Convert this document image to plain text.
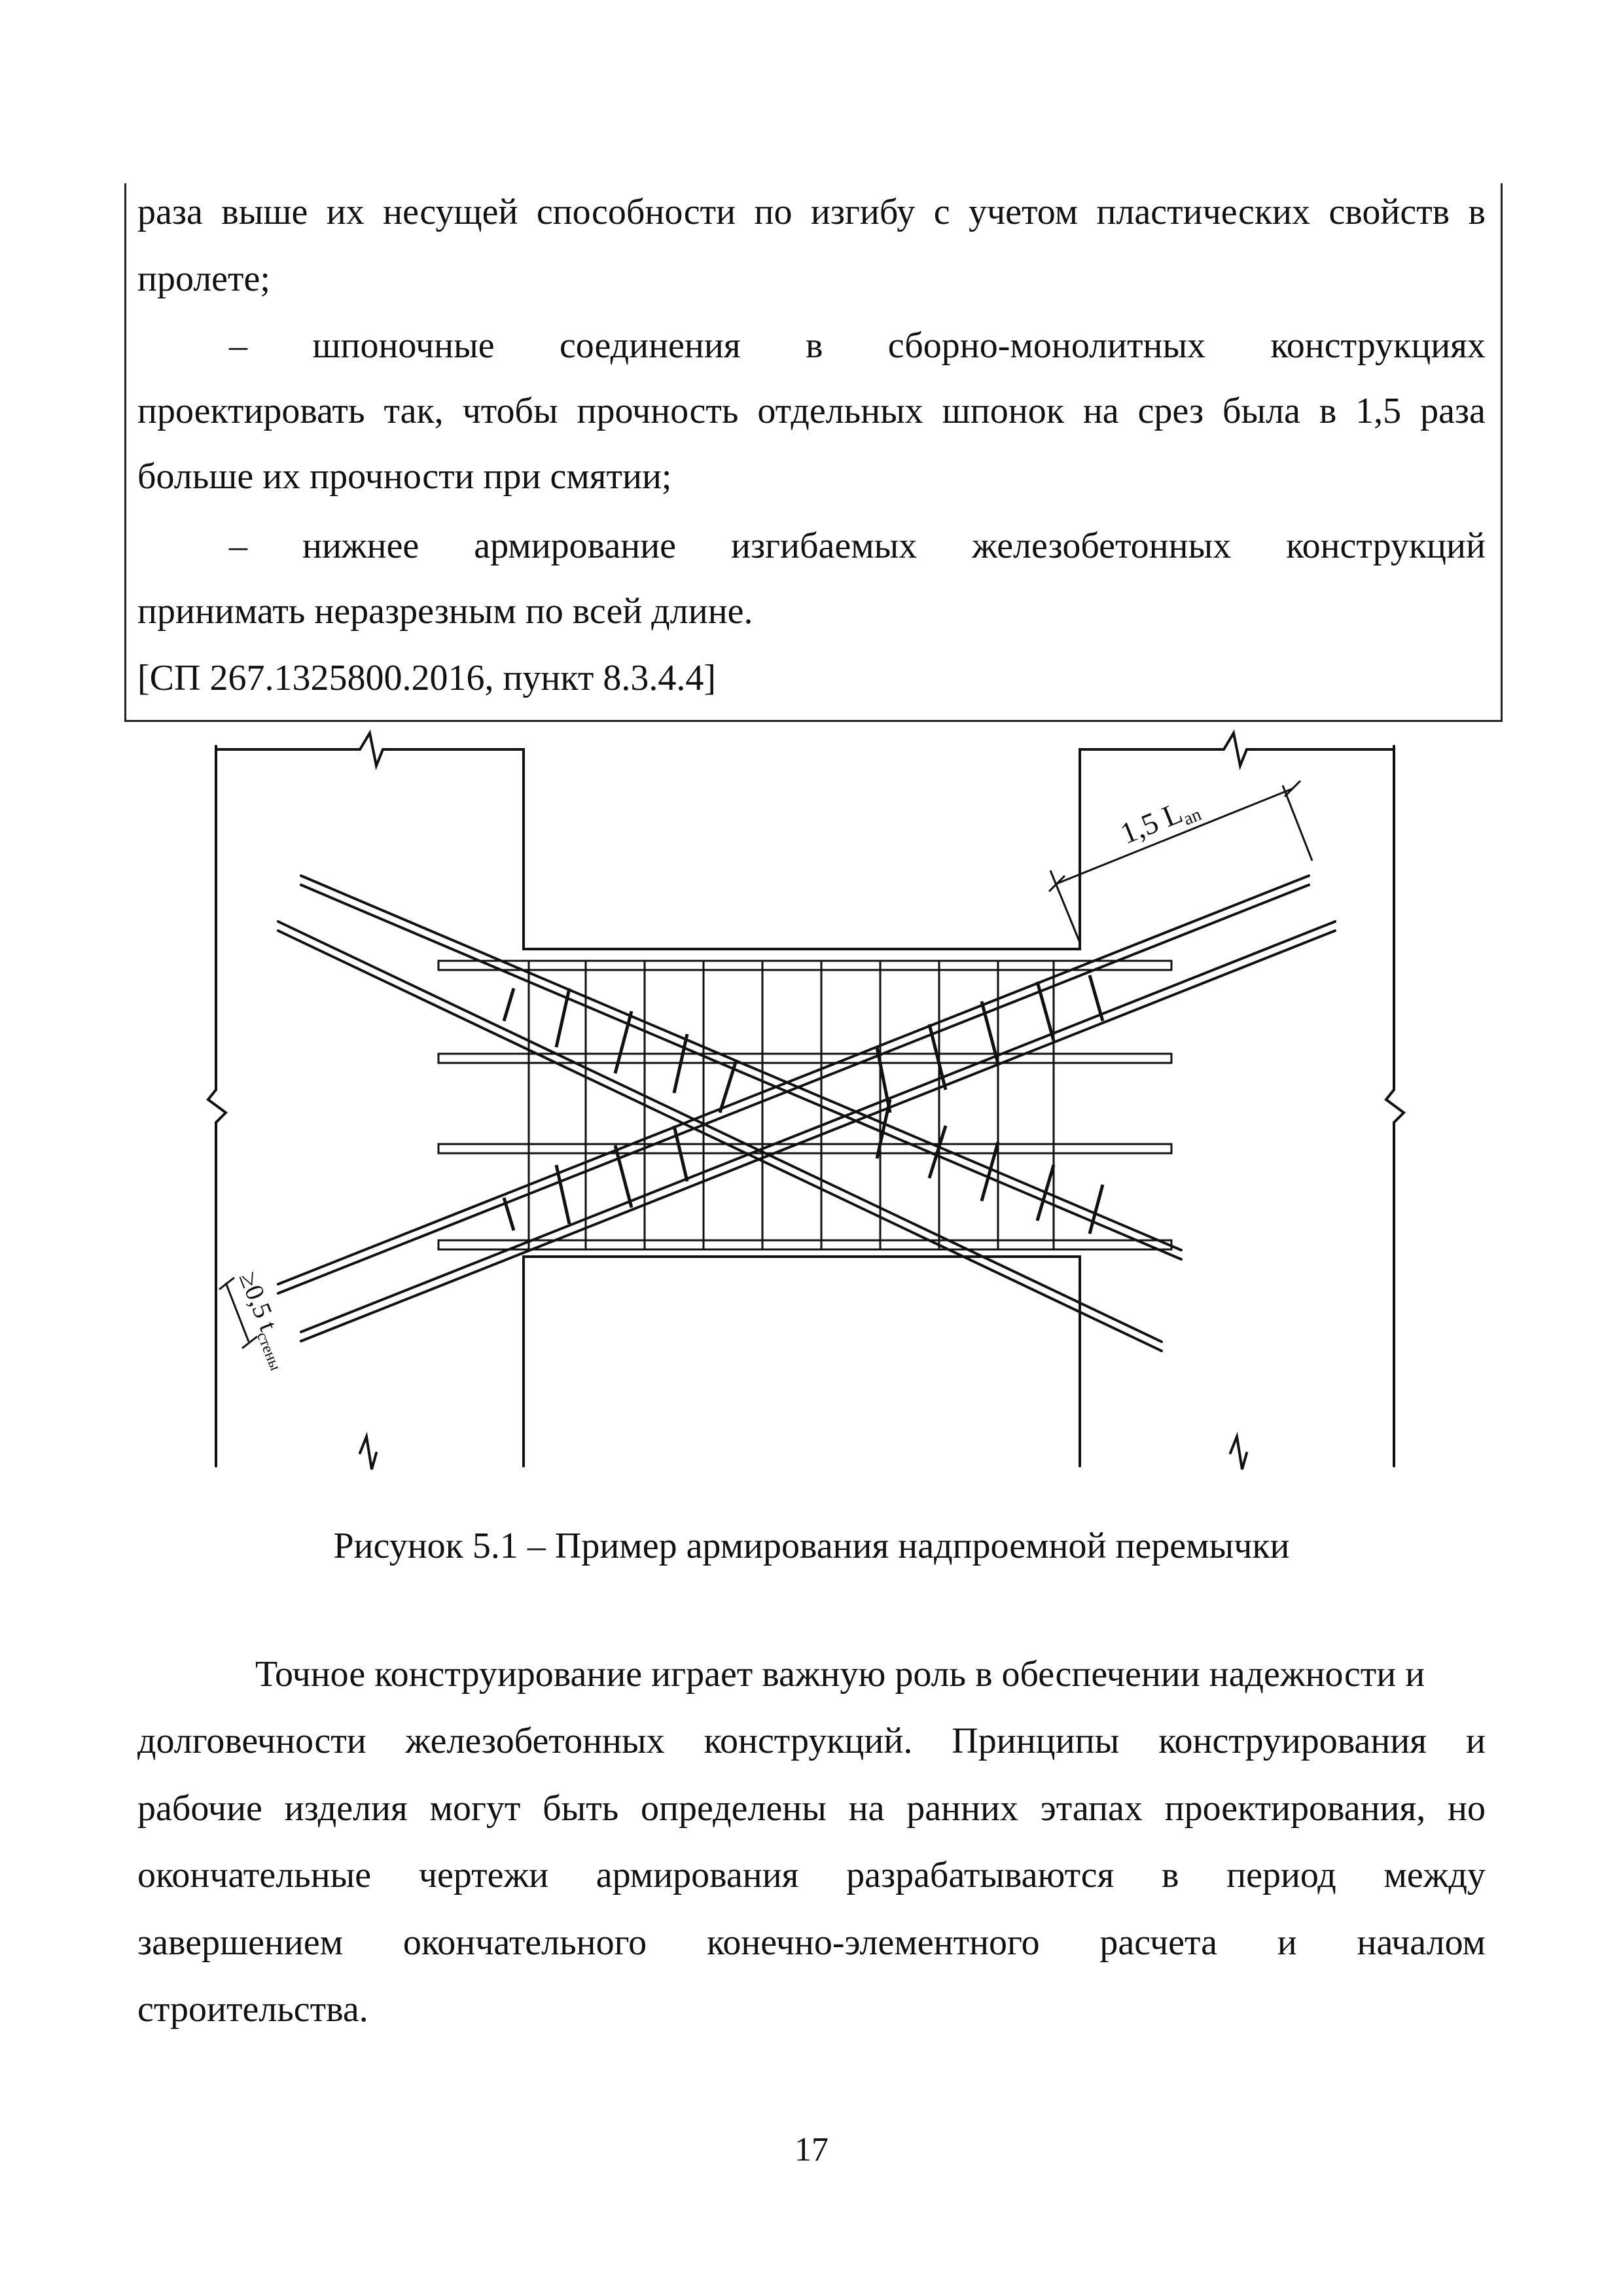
раза выше их несущей способности по изгибу с учетом пластических свойств в
пролете;
– шпоночные соединения в сборно-монолитных конструкциях
проектировать так, чтобы прочность отдельных шпонок на срез была в 1,5 раза
больше их прочности при смятии;
– нижнее армирование изгибаемых железобетонных конструкций
принимать неразрезным по всей длине.
[СП 267.1325800.2016, пункт 8.3.4.4]
1,5 Lan
≥0,5 $t_{стены}$
Рисунок 5.1 – Пример армирования надпроемной перемычки
Точное конструирование играет важную роль в обеспечении надежности и
долговечности железобетонных конструкций. Принципы конструирования и
рабочие изделия могут быть определены на ранних этапах проектирования, но
окончательные чертежи армирования разрабатываются в период между
завершением окончательного конечно-элементного расчета и началом
строительства.
17
